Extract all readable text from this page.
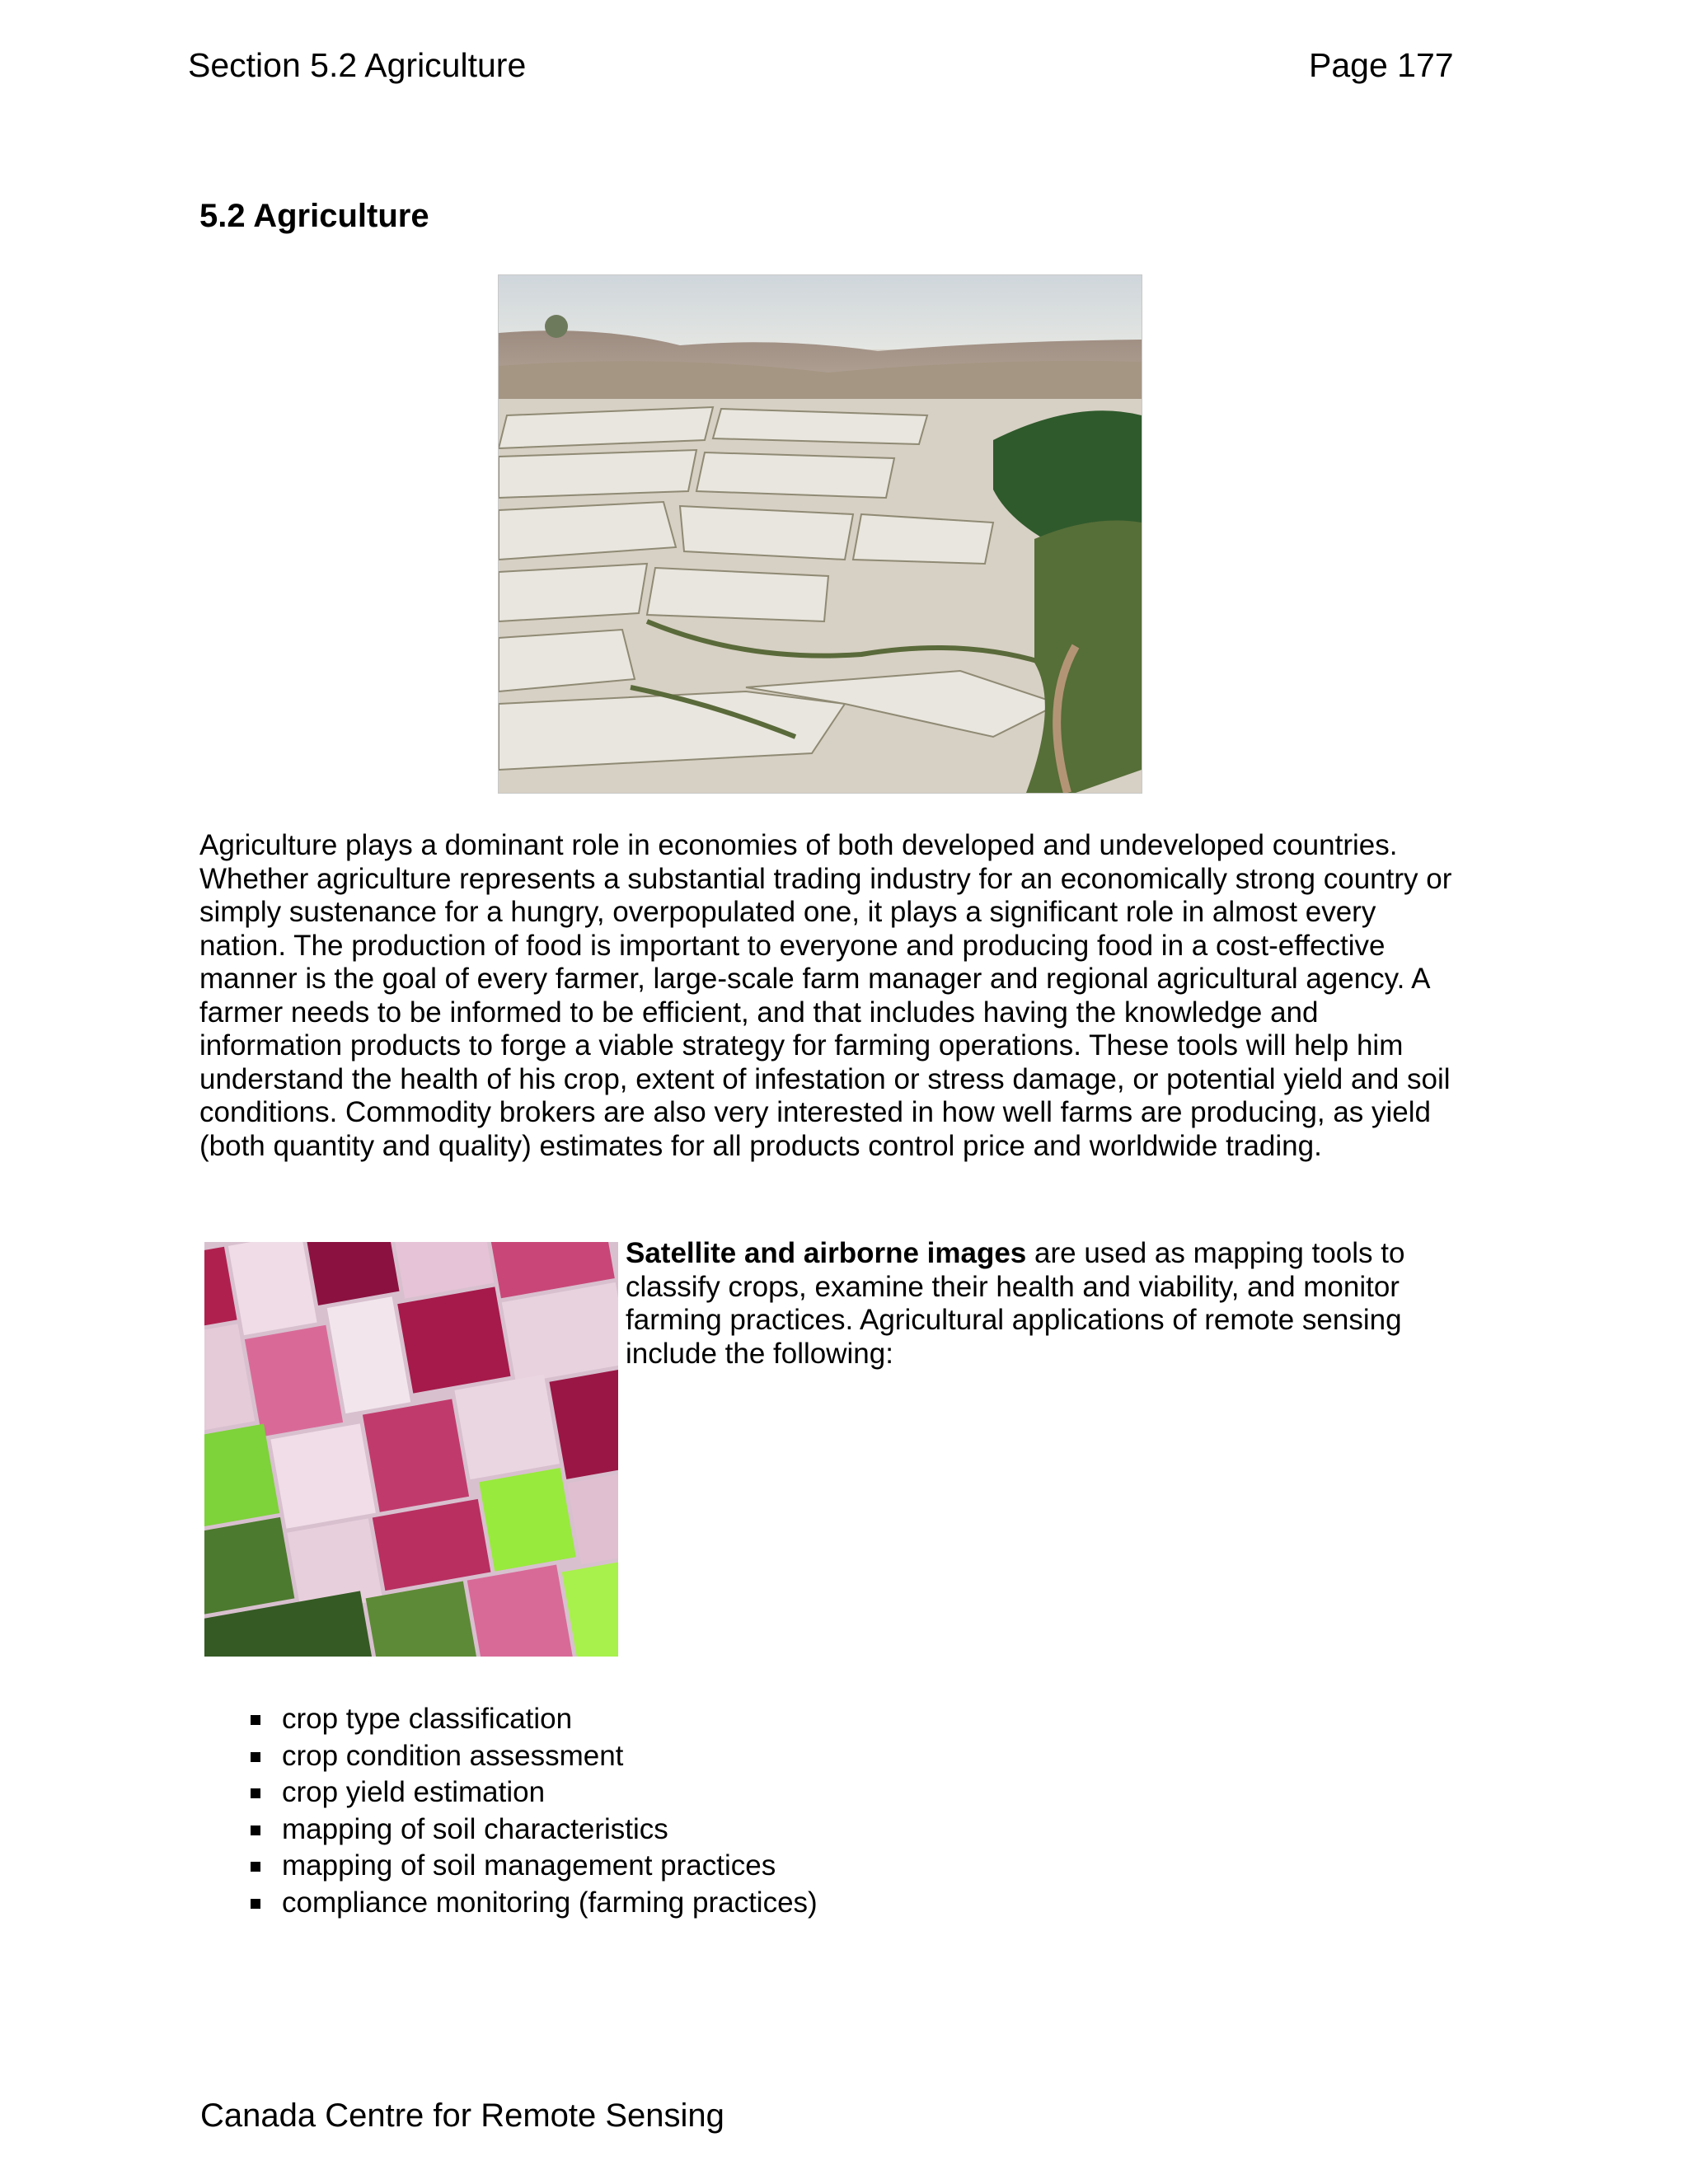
Section 5.2 Agriculture	Page 177
5.2 Agriculture

Agriculture plays a dominant role in economies of both developed and undeveloped countries. Whether agriculture represents a substantial trading industry for an economically strong country or simply sustenance for a hungry, overpopulated one, it plays a significant role in almost every nation. The production of food is important to everyone and producing food in a cost-effective manner is the goal of every farmer, large-scale farm manager and regional agricultural agency. A farmer needs to be informed to be efficient, and that includes having the knowledge and information products to forge a viable strategy for farming operations. These tools will help him understand the health of his crop, extent of infestation or stress damage, or potential yield and soil conditions. Commodity brokers are also very interested in how well farms are producing, as yield (both quantity and quality) estimates for all products control price and worldwide trading.

Satellite and airborne images are used as mapping tools to classify crops, examine their health and viability, and monitor farming practices. Agricultural applications of remote sensing include the following:

crop type classification
crop condition assessment
crop yield estimation
mapping of soil characteristics
mapping of soil management practices
compliance monitoring (farming practices)
Canada Centre for Remote Sensing
